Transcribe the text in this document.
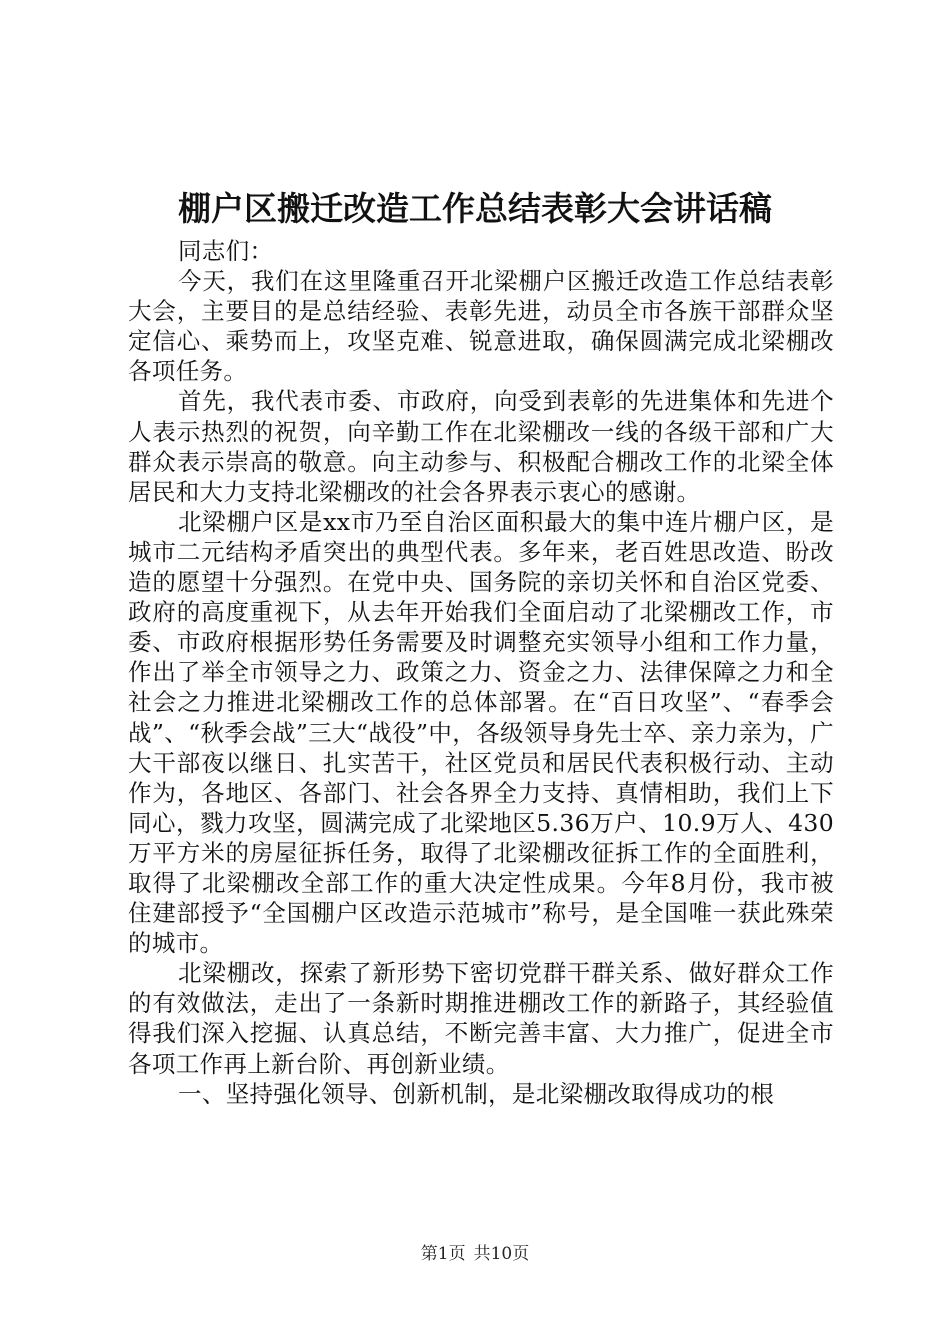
棚户区搬迁改造工作总结表彰大会讲话稿

同志们：

今天，我们在这里隆重召开北梁棚户区搬迁改造工作总结表彰大会，主要目的是总结经验、表彰先进，动员全市各族干部群众坚定信心、乘势而上，攻坚克难、锐意进取，确保圆满完成北梁棚改各项任务。

首先，我代表市委、市政府，向受到表彰的先进集体和先进个人表示热烈的祝贺，向辛勤工作在北梁棚改一线的各级干部和广大群众表示崇高的敬意。向主动参与、积极配合棚改工作的北梁全体居民和大力支持北梁棚改的社会各界表示衷心的感谢。

北梁棚户区是xx市乃至自治区面积最大的集中连片棚户区，是城市二元结构矛盾突出的典型代表。多年来，老百姓思改造、盼改造的愿望十分强烈。在党中央、国务院的亲切关怀和自治区党委、政府的高度重视下，从去年开始我们全面启动了北梁棚改工作，市委、市政府根据形势任务需要及时调整充实领导小组和工作力量，作出了举全市领导之力、政策之力、资金之力、法律保障之力和全社会之力推进北梁棚改工作的总体部署。在“百日攻坚”、“春季会战”、“秋季会战”三大“战役”中，各级领导身先士卒、亲力亲为，广大干部夜以继日、扎实苦干，社区党员和居民代表积极行动、主动作为，各地区、各部门、社会各界全力支持、真情相助，我们上下同心，戮力攻坚，圆满完成了北梁地区5.36万户、10.9万人、430万平方米的房屋征拆任务，取得了北梁棚改征拆工作的全面胜利，取得了北梁棚改全部工作的重大决定性成果。今年8月份，我市被住建部授予“全国棚户区改造示范城市”称号，是全国唯一获此殊荣的城市。

北梁棚改，探索了新形势下密切党群干群关系、做好群众工作的有效做法，走出了一条新时期推进棚改工作的新路子，其经验值得我们深入挖掘、认真总结，不断完善丰富、大力推广，促进全市各项工作再上新台阶、再创新业绩。

一、坚持强化领导、创新机制，是北梁棚改取得成功的根

第1页 共10页
